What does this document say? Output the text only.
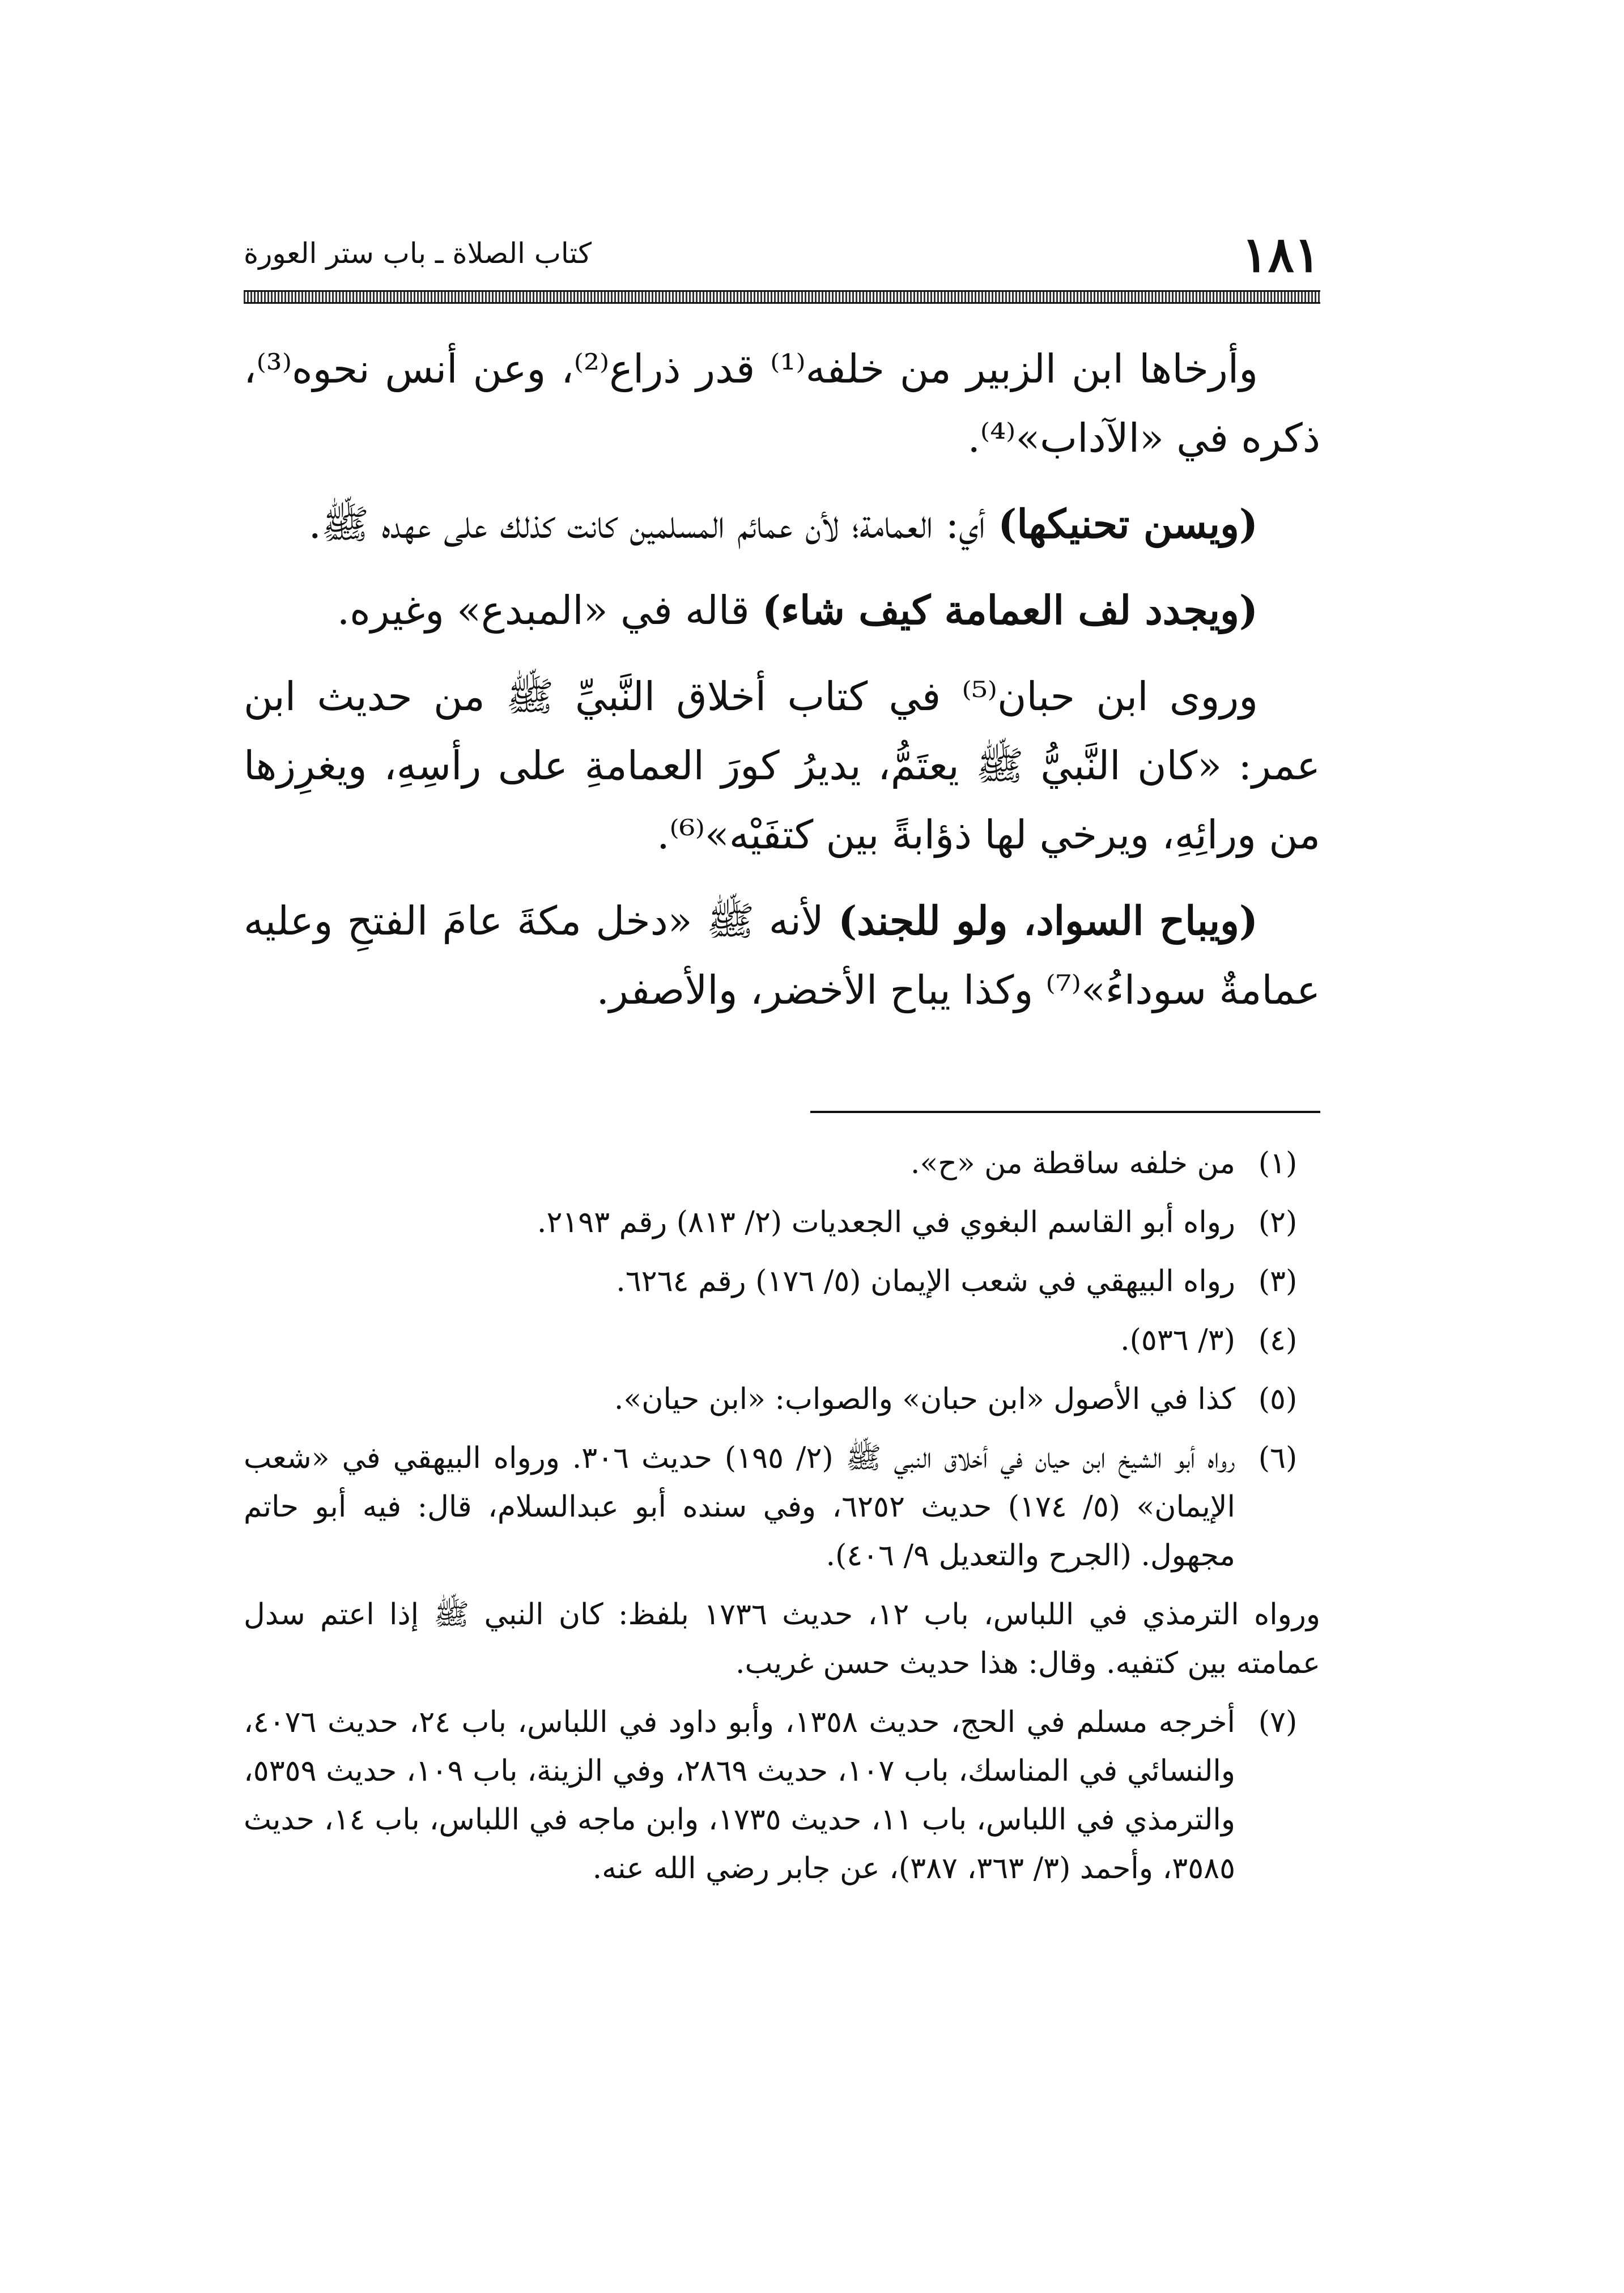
١٨١
كتاب الصلاة ـ باب ستر العورة

وأرخاها ابن الزبير من خلفه⁽¹⁾ قدر ذراع⁽²⁾، وعن أنس نحوه⁽³⁾، ذكره في «الآداب»⁽⁴⁾.

(ويسن تحنيكها) أي: العمامة؛ لأن عمائم المسلمين كانت كذلك على عهده ﷺ.

(ويجدد لف العمامة كيف شاء) قاله في «المبدع» وغيره.

وروى ابن حبان⁽⁵⁾ في كتاب أخلاق النَّبيِّ ﷺ من حديث ابن عمر: «كان النَّبيُّ ﷺ يعتَمُّ، يديرُ كورَ العمامةِ على رأسِهِ، ويغرِزها من ورائِهِ، ويرخي لها ذؤابةً بين كتفَيْه»⁽⁶⁾.

(ويباح السواد، ولو للجند) لأنه ﷺ «دخل مكةَ عامَ الفتحِ وعليه عمامةٌ سوداءُ»⁽⁷⁾ وكذا يباح الأخضر، والأصفر.

(١)
من خلفه ساقطة من «ح».
(٢)
رواه أبو القاسم البغوي في الجعديات (٢/ ٨١٣) رقم ٢١٩٣.
(٣)
رواه البيهقي في شعب الإيمان (٥/ ١٧٦) رقم ٦٢٦٤.
(٤)
(٣/ ٥٣٦).
(٥)
كذا في الأصول «ابن حبان» والصواب: «ابن حيان».
(٦)
رواه أبو الشيخ ابن حيان في أخلاق النبي ﷺ (٢/ ١٩٥) حديث ٣٠٦. ورواه البيهقي في «شعب الإيمان» (٥/ ١٧٤) حديث ٦٢٥٢، وفي سنده أبو عبدالسلام، قال: فيه أبو حاتم مجهول. (الجرح والتعديل ٩/ ٤٠٦).
ورواه الترمذي في اللباس، باب ١٢، حديث ١٧٣٦ بلفظ: كان النبي ﷺ إذا اعتم سدل عمامته بين كتفيه. وقال: هذا حديث حسن غريب.
(٧)
أخرجه مسلم في الحج، حديث ١٣٥٨، وأبو داود في اللباس، باب ٢٤، حديث ٤٠٧٦، والنسائي في المناسك، باب ١٠٧، حديث ٢٨٦٩، وفي الزينة، باب ١٠٩، حديث ٥٣٥٩، والترمذي في اللباس، باب ١١، حديث ١٧٣٥، وابن ماجه في اللباس، باب ١٤، حديث ٣٥٨٥، وأحمد (٣/ ٣٦٣، ٣٨٧)، عن جابر رضي الله عنه.
